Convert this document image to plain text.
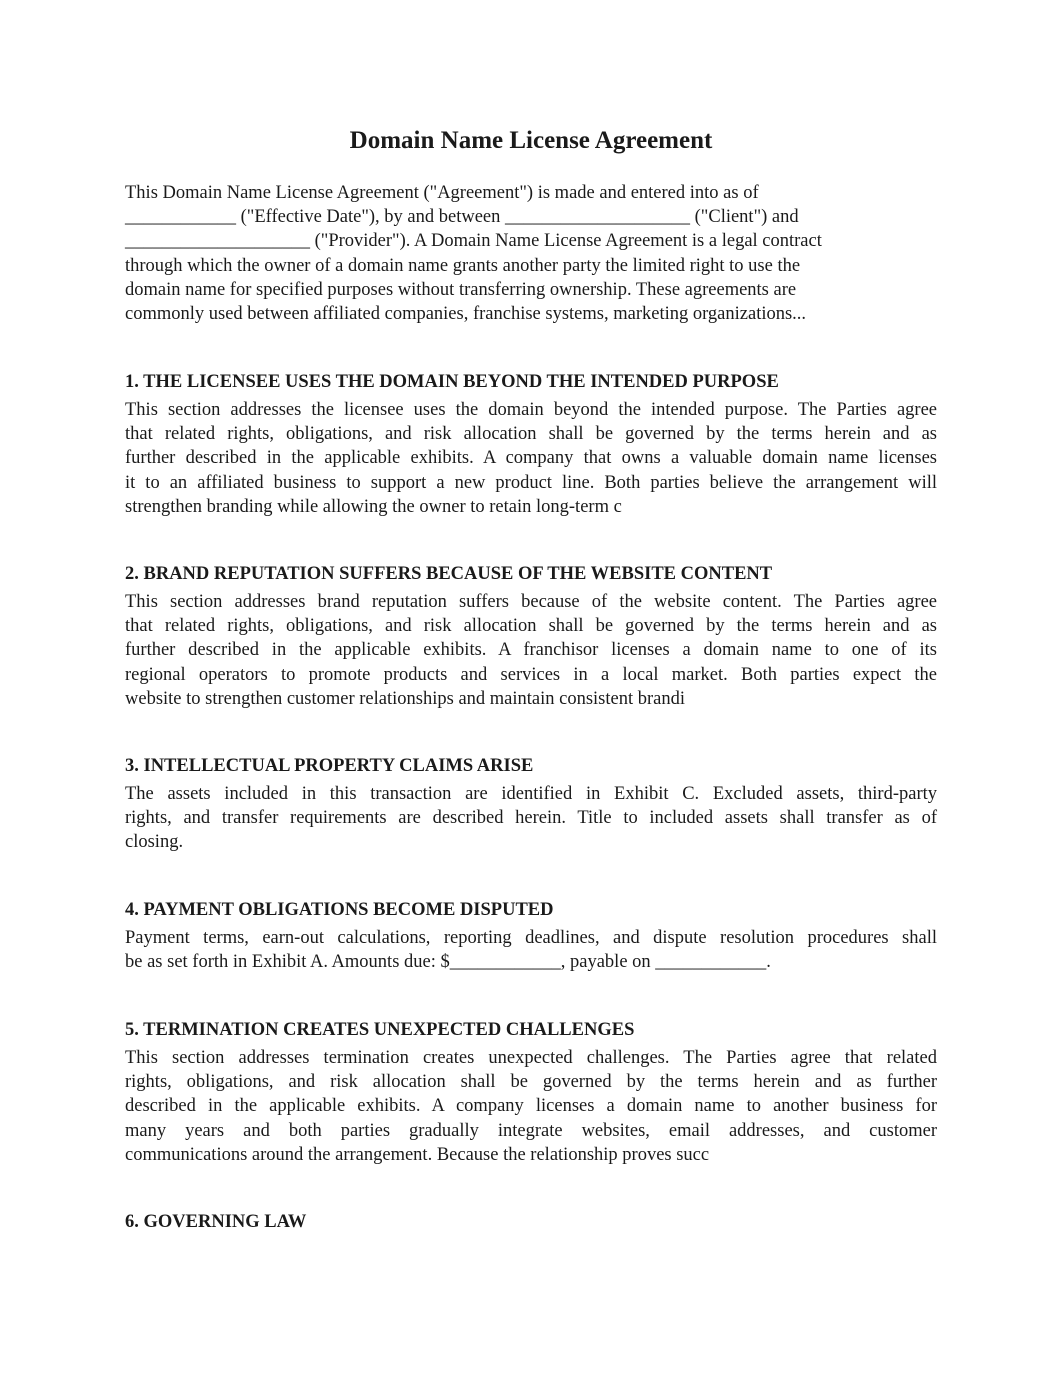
Domain Name License Agreement

This Domain Name License Agreement ("Agreement") is made and entered into as of
____________ ("Effective Date"), by and between ____________________ ("Client") and
____________________ ("Provider"). A Domain Name License Agreement is a legal contract
through which the owner of a domain name grants another party the limited right to use the
domain name for specified purposes without transferring ownership. These agreements are
commonly used between affiliated companies, franchise systems, marketing organizations...

1. THE LICENSEE USES THE DOMAIN BEYOND THE INTENDED PURPOSE
This section addresses the licensee uses the domain beyond the intended purpose. The Parties agree
that related rights, obligations, and risk allocation shall be governed by the terms herein and as
further described in the applicable exhibits. A company that owns a valuable domain name licenses
it to an affiliated business to support a new product line. Both parties believe the arrangement will
strengthen branding while allowing the owner to retain long-term c
2. BRAND REPUTATION SUFFERS BECAUSE OF THE WEBSITE CONTENT
This section addresses brand reputation suffers because of the website content. The Parties agree
that related rights, obligations, and risk allocation shall be governed by the terms herein and as
further described in the applicable exhibits. A franchisor licenses a domain name to one of its
regional operators to promote products and services in a local market. Both parties expect the
website to strengthen customer relationships and maintain consistent brandi
3. INTELLECTUAL PROPERTY CLAIMS ARISE
The assets included in this transaction are identified in Exhibit C. Excluded assets, third-party
rights, and transfer requirements are described herein. Title to included assets shall transfer as of
closing.
4. PAYMENT OBLIGATIONS BECOME DISPUTED
Payment terms, earn-out calculations, reporting deadlines, and dispute resolution procedures shall
be as set forth in Exhibit A. Amounts due: $____________, payable on ____________.
5. TERMINATION CREATES UNEXPECTED CHALLENGES
This section addresses termination creates unexpected challenges. The Parties agree that related
rights, obligations, and risk allocation shall be governed by the terms herein and as further
described in the applicable exhibits. A company licenses a domain name to another business for
many years and both parties gradually integrate websites, email addresses, and customer
communications around the arrangement. Because the relationship proves succ
6. GOVERNING LAW
